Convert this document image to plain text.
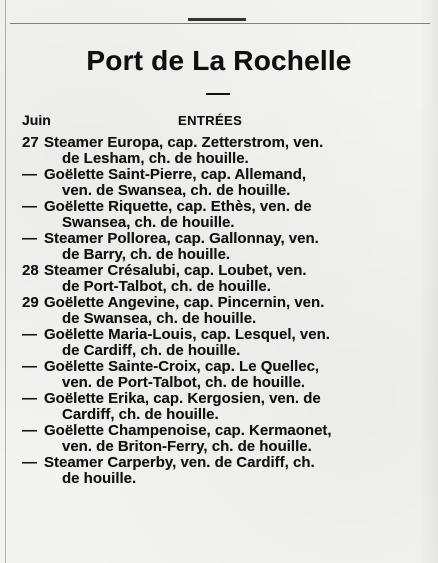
Port de La Rochelle
Juin	ENTRÉES
27 Steamer Europa, cap. Zetterstrom, ven.
de Lesham, ch. de houille.
— Goëlette Saint-Pierre, cap. Allemand,
ven. de Swansea, ch. de houille.
— Goëlette Riquette, cap. Ethès, ven. de
Swansea, ch. de houille.
— Steamer Pollorea, cap. Gallonnay, ven.
de Barry, ch. de houille.
28 Steamer Crésalubi, cap. Loubet, ven.
de Port-Talbot, ch. de houille.
29 Goëlette Angevine, cap. Pincernin, ven.
de Swansea, ch. de houille.
— Goëlette Maria-Louis, cap. Lesquel, ven.
de Cardiff, ch. de houille.
— Goëlette Sainte-Croix, cap. Le Quellec,
ven. de Port-Talbot, ch. de houille.
— Goëlette Erika, cap. Kergosien, ven. de
Cardiff, ch. de houille.
— Goëlette Champenoise, cap. Kermaonet,
ven. de Briton-Ferry, ch. de houille.
— Steamer Carperby, ven. de Cardiff, ch.
de houille.
